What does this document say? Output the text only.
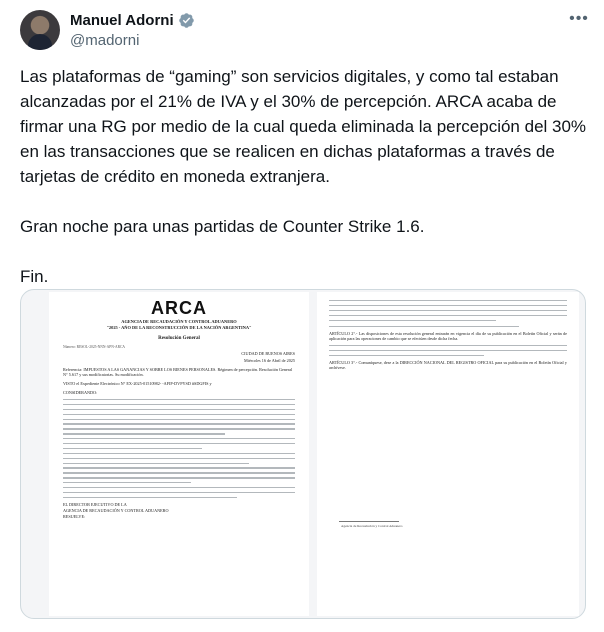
Manuel Adorni
@madorni
•••

Las plataformas de “gaming” son servicios digitales, y como tal estaban alcanzadas por el 21% de IVA y el 30% de percepción. ARCA acaba de firmar una RG por medio de la cual queda eliminada la percepción del 30% en las transacciones que se realicen en dichas plataformas a través de tarjetas de crédito en moneda extranjera.

Gran noche para unas partidas de Counter Strike 1.6.

Fin.

ARCA
AGENCIA DE RECAUDACIÓN Y CONTROL ADUANERO
"2025 - AÑO DE LA RECONSTRUCCIÓN DE LA NACIÓN ARGENTINA"
Resolución General
Número: RESOL-2025-NNN-APN-ARCA
CIUDAD DE BUENOS AIRES
Miércoles 16 de Abril de 2025
Referencia: IMPUESTOS A LAS GANANCIAS Y SOBRE LOS BIENES PERSONALES. Régimen de percepción. Resolución General N° 5.617 y sus modificatorias. Su modificación.
VISTO el Expediente Electrónico N° EX-2025-01510982- -AFIP-DVPYSD #SDGFIS y
CONSIDERANDO:
EL DIRECTOR EJECUTIVO DE LA
AGENCIA DE RECAUDACIÓN Y CONTROL ADUANERO
RESUELVE:
ARTÍCULO 2°.- Las disposiciones de esta resolución general entrarán en vigencia el día de su publicación en el Boletín Oficial y serán de aplicación para las operaciones de cambio que se efectúen desde dicha fecha.
ARTÍCULO 3°.- Comuníquese, dese a la DIRECCIÓN NACIONAL DEL REGISTRO OFICIAL para su publicación en el Boletín Oficial y archívese.
Agencia de Recaudación y Control Aduanero
